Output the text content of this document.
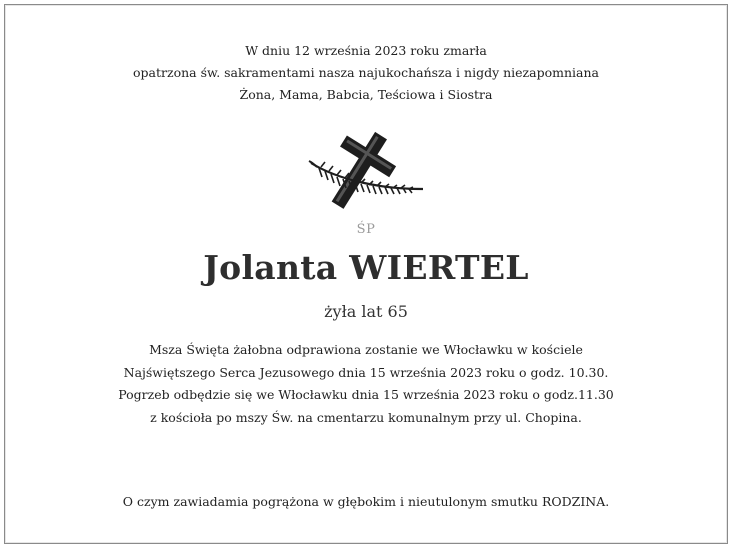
W dniu 12 września 2023 roku zmarła
opatrzona św. sakramentami nasza najukochańsza i nigdy niezapomniana
Żona, Mama, Babcia, Teściowa i Siostra
ŚP
Jolanta WIERTEL
żyła lat 65
Msza Święta żałobna odprawiona zostanie we Włocławku w kościele
Najświętszego Serca Jezusowego dnia 15 września 2023 roku o godz. 10.30.
Pogrzeb odbędzie się we Włocławku dnia 15 września 2023 roku o godz.11.30
z kościoła po mszy Św. na cmentarzu komunalnym przy ul. Chopina.
O czym zawiadamia pogrążona w głębokim i nieutulonym smutku RODZINA.
